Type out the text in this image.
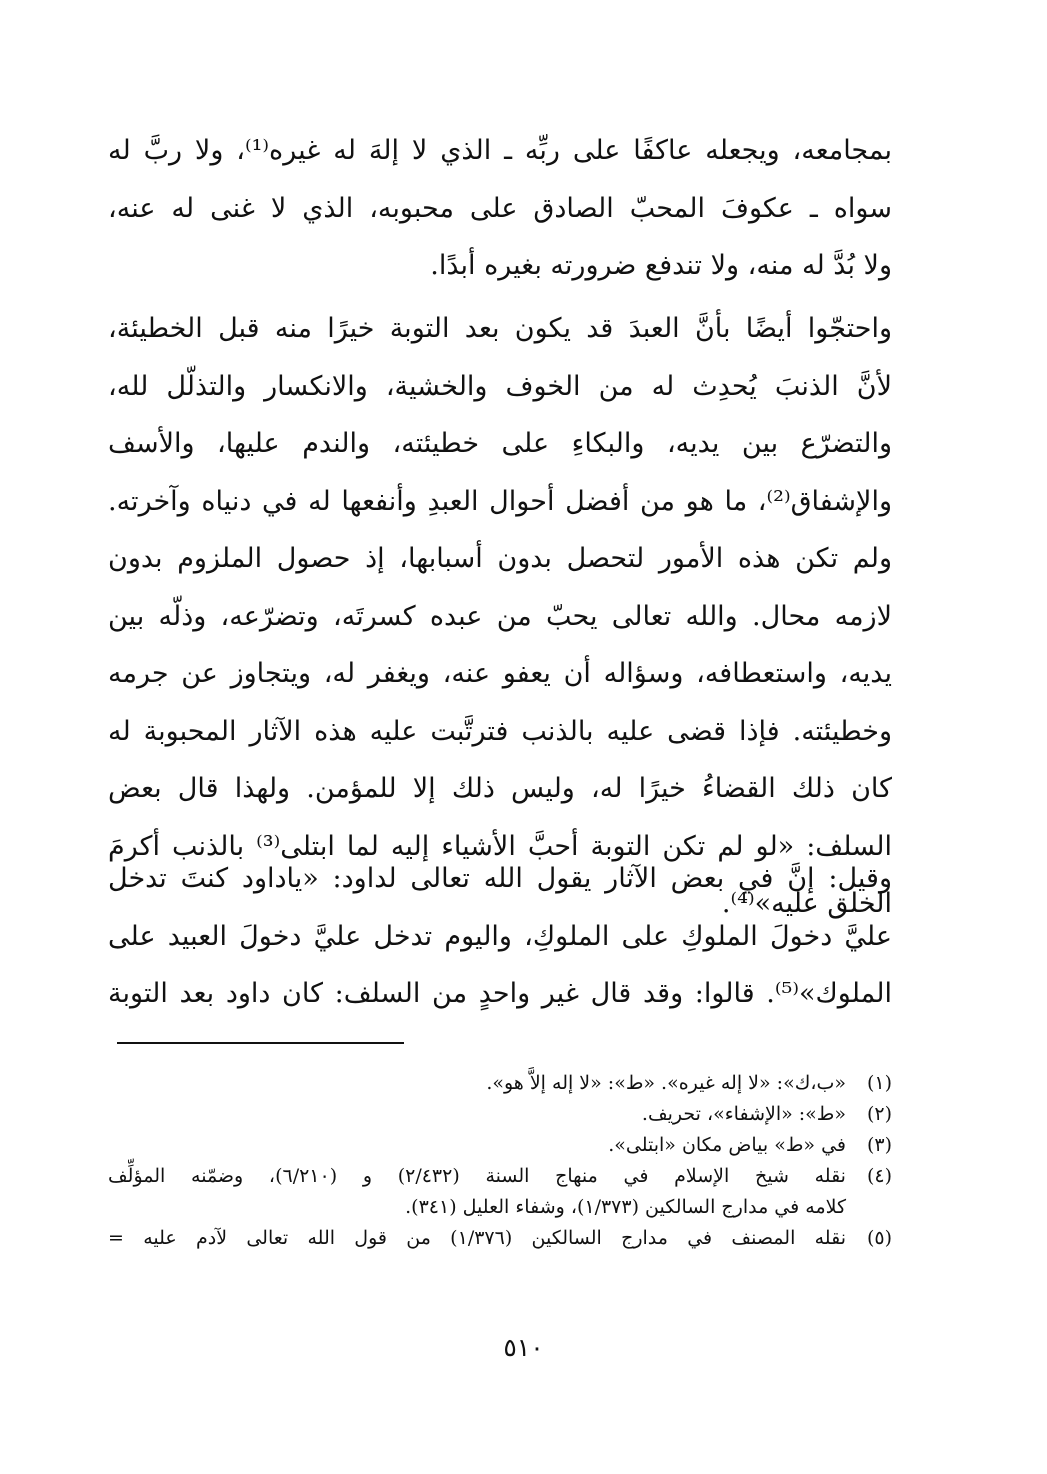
بمجامعه، ويجعله عاكفًا على ربِّه ـ الذي لا إلهَ له غيره⁽¹⁾، ولا ربَّ له
سواه ـ عكوفَ المحبّ الصادق على محبوبه، الذي لا غنى له عنه،
ولا بُدَّ له منه، ولا تندفع ضرورته بغيره أبدًا.
واحتجّوا أيضًا بأنَّ العبدَ قد يكون بعد التوبة خيرًا منه قبل الخطيئة،
لأنَّ الذنبَ يُحدِث له من الخوف والخشية، والانكسار والتذلّل لله،
والتضرّع بين يديه، والبكاءِ على خطيئته، والندم عليها، والأسف
والإشفاق⁽²⁾، ما هو من أفضل أحوال العبدِ وأنفعها له في دنياه وآخرته.
ولم تكن هذه الأمور لتحصل بدون أسبابها، إذ حصول الملزوم بدون
لازمه محال. والله تعالى يحبّ من عبده كسرتَه، وتضرّعه، وذلّه بين
يديه، واستعطافه، وسؤاله أن يعفو عنه، ويغفر له، ويتجاوز عن جرمه
وخطيئته. فإذا قضى عليه بالذنب فترتَّبت عليه هذه الآثار المحبوبة له
كان ذلك القضاءُ خيرًا له، وليس ذلك إلا للمؤمن. ولهذا قال بعض
السلف: «لو لم تكن التوبة أحبَّ الأشياء إليه لما ابتلى⁽³⁾ بالذنب أكرمَ
الخلق عليه»⁽⁴⁾.
وقيل: إنَّ في بعض الآثار يقول الله تعالى لداود: «ياداود كنتَ تدخل
عليَّ دخولَ الملوكِ على الملوكِ، واليوم تدخل عليَّ دخولَ العبيد على
الملوك»⁽⁵⁾. قالوا: وقد قال غير واحدٍ من السلف: كان داود بعد التوبة
(١)
«ب،ك»: «لا إله غيره». «ط»: «لا إله إلاَّ هو».
(٢)
«ط»: «الإشفاء»، تحريف.
(٣)
في «ط» بياض مكان «ابتلى».
(٤)
نقله شيخ الإسلام في منهاج السنة (٢/٤٣٢) و (٦/٢١٠)، وضمّنه المؤلِّف
كلامه في مدارج السالكين (١/٣٧٣)، وشفاء العليل (٣٤١).
(٥)
نقله المصنف في مدارج السالكين (١/٣٧٦) من قول الله تعالى لآدم عليه =
٥١٠
